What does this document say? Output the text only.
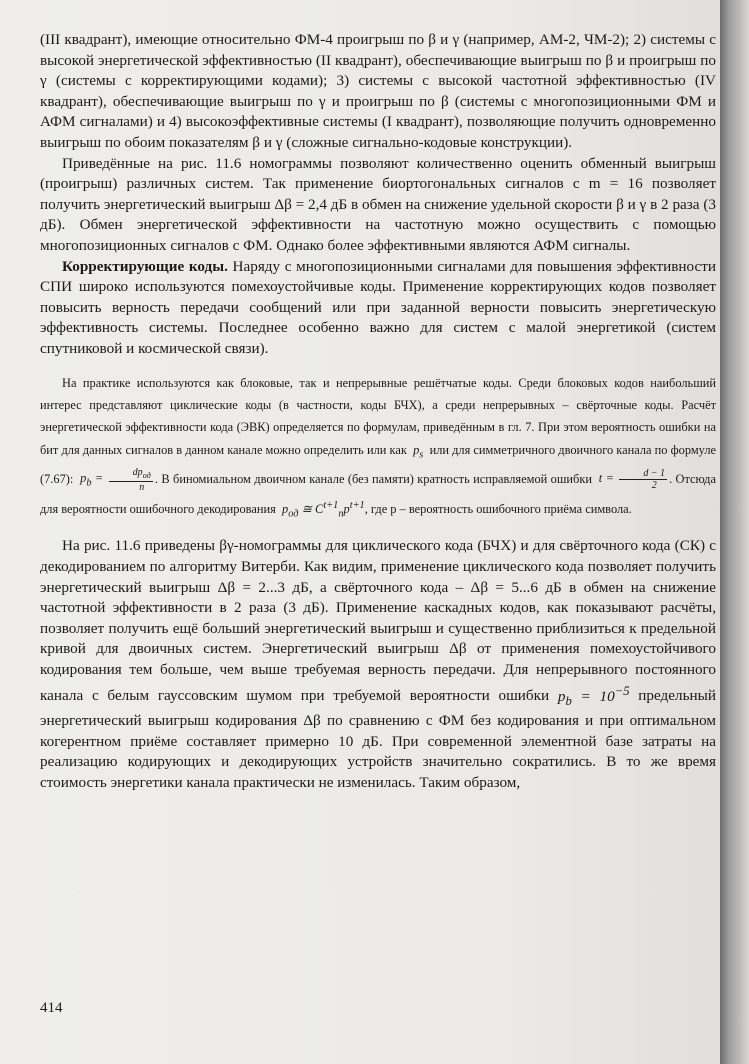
(III квадрант), имеющие относительно ФМ-4 проигрыш по β и γ (например, АМ-2, ЧМ-2); 2) системы с высокой энергетической эффективностью (II квадрант), обеспечивающие выигрыш по β и проигрыш по γ (системы с корректирующими кодами); 3) системы с высокой частотной эффективностью (IV квадрант), обеспечивающие выигрыш по γ и проигрыш по β (системы с многопозиционными ФМ и АФМ сигналами) и 4) высокоэффективные системы (I квадрант), позволяющие получить одновременно выигрыш по обоим показателям β и γ (сложные сигнально-кодовые конструкции).

Приведённые на рис. 11.6 номограммы позволяют количественно оценить обменный выигрыш (проигрыш) различных систем. Так применение биортогональных сигналов с m = 16 позволяет получить энергетический выигрыш Δβ = 2,4 дБ в обмен на снижение удельной скорости β и γ в 2 раза (3 дБ). Обмен энергетической эффективности на частотную можно осуществить с помощью многопозиционных сигналов с ФМ. Однако более эффективными являются АФМ сигналы.

Корректирующие коды. Наряду с многопозиционными сигналами для повышения эффективности СПИ широко используются помехоустойчивые коды. Применение корректирующих кодов позволяет повысить верность передачи сообщений или при заданной верности повысить энергетическую эффективность системы. Последнее особенно важно для систем с малой энергетикой (систем спутниковой и космической связи).

На практике используются как блоковые, так и непрерывные решётчатые коды. Среди блоковых кодов наибольший интерес представляют циклические коды (в частности, коды БЧХ), а среди непрерывных – свёрточные коды. Расчёт энергетической эффективности кода (ЭВК) определяется по формулам, приведённым в гл. 7. При этом вероятность ошибки на бит для данных сигналов в данном канале можно определить или как $p_s$ или для симметричного двоичного канала по формуле (7.67): $p_b = \frac{dp_{од}}{n}$ . В биномиальном двоичном канале (без памяти) кратность исправляемой ошибки $t = \frac{d - 1}{2}$ . Отсюда для вероятности ошибочного декодирования $p_{од}$ ≅ $C^{t+1}_np^{t+1}$, где p – вероятность ошибочного приёма символа.

На рис. 11.6 приведены βγ-номограммы для циклического кода (БЧХ) и для свёрточного кода (СК) с декодированием по алгоритму Витерби. Как видим, применение циклического кода позволяет получить энергетический выигрыш Δβ = 2...3 дБ, а свёрточного кода – Δβ = 5...6 дБ в обмен на снижение частотной эффективности в 2 раза (3 дБ). Применение каскадных кодов, как показывают расчёты, позволяет получить ещё больший энергетический выигрыш и существенно приблизиться к предельной кривой для двоичных систем. Энергетический выигрыш Δβ от применения помехоустойчивого кодирования тем больше, чем выше требуемая верность передачи. Для непрерывного постоянного канала с белым гауссовским шумом при требуемой вероятности ошибки $p_b = 10^{-5}$ предельный энергетический выигрыш кодирования Δβ по сравнению с ФМ без кодирования и при оптимальном когерентном приёме составляет примерно 10 дБ. При современной элементной базе затраты на реализацию кодирующих и декодирующих устройств значительно сократились. В то же время стоимость энергетики канала практически не изменилась. Таким образом,

414
